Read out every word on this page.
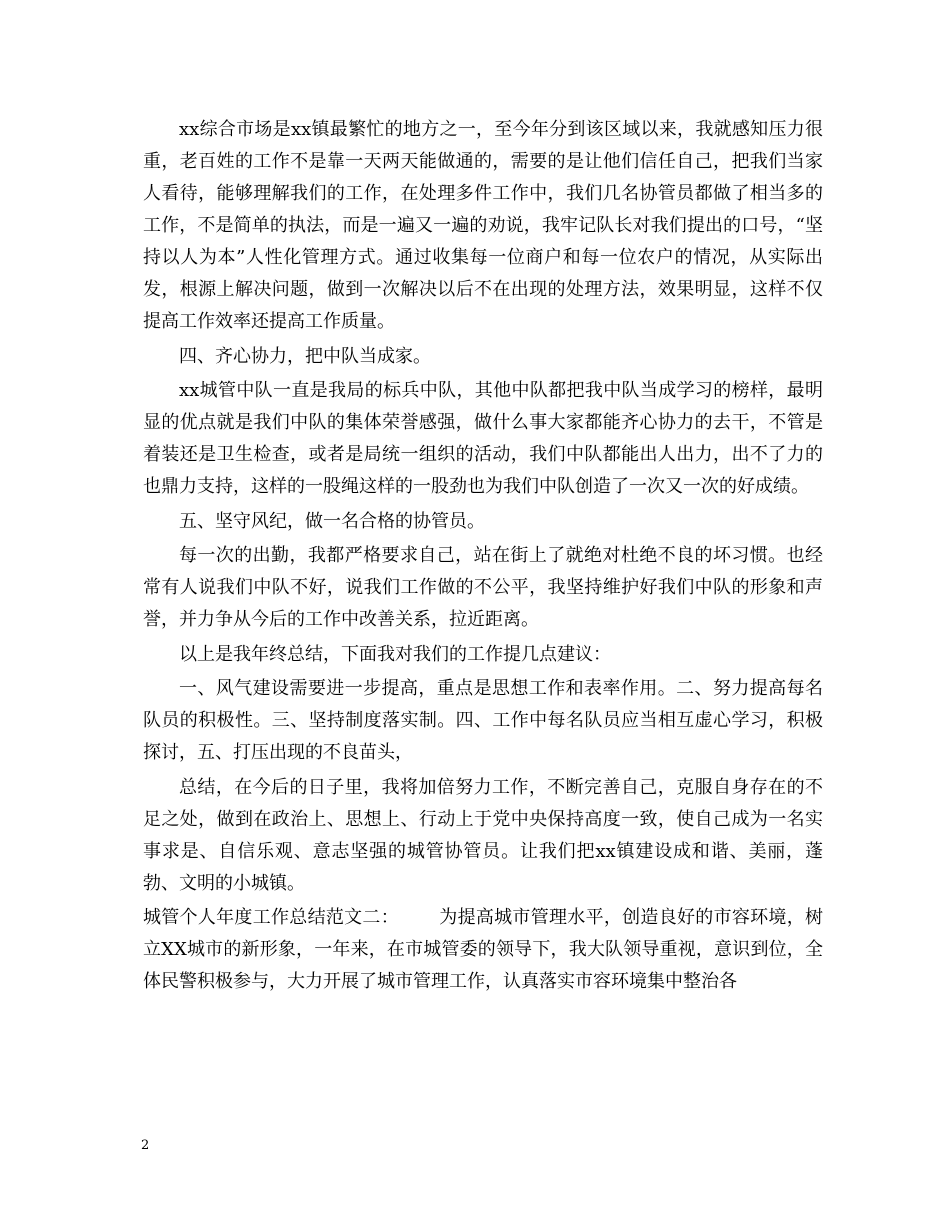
xx综合市场是xx镇最繁忙的地方之一，至今年分到该区域以来，我就感知压力很重，老百姓的工作不是靠一天两天能做通的，需要的是让他们信任自己，把我们当家人看待，能够理解我们的工作，在处理多件工作中，我们几名协管员都做了相当多的工作，不是简单的执法，而是一遍又一遍的劝说，我牢记队长对我们提出的口号，“坚持以人为本”人性化管理方式。通过收集每一位商户和每一位农户的情况，从实际出发，根源上解决问题，做到一次解决以后不在出现的处理方法，效果明显，这样不仅提高工作效率还提高工作质量。

四、齐心协力，把中队当成家。

xx城管中队一直是我局的标兵中队，其他中队都把我中队当成学习的榜样，最明显的优点就是我们中队的集体荣誉感强，做什么事大家都能齐心协力的去干，不管是着装还是卫生检查，或者是局统一组织的活动，我们中队都能出人出力，出不了力的也鼎力支持，这样的一股绳这样的一股劲也为我们中队创造了一次又一次的好成绩。

五、坚守风纪，做一名合格的协管员。

每一次的出勤，我都严格要求自己，站在街上了就绝对杜绝不良的坏习惯。也经常有人说我们中队不好，说我们工作做的不公平，我坚持维护好我们中队的形象和声誉，并力争从今后的工作中改善关系，拉近距离。

以上是我年终总结，下面我对我们的工作提几点建议：

一、风气建设需要进一步提高，重点是思想工作和表率作用。二、努力提高每名队员的积极性。三、坚持制度落实制。四、工作中每名队员应当相互虚心学习，积极探讨，五、打压出现的不良苗头，

总结，在今后的日子里，我将加倍努力工作，不断完善自己，克服自身存在的不足之处，做到在政治上、思想上、行动上于党中央保持高度一致，使自己成为一名实事求是、自信乐观、意志坚强的城管协管员。让我们把xx镇建设成和谐、美丽，蓬勃、文明的小城镇。

城管个人年度工作总结范文二： 为提高城市管理水平，创造良好的市容环境，树立XX城市的新形象，一年来，在市城管委的领导下，我大队领导重视，意识到位，全体民警积极参与，大力开展了城市管理工作，认真落实市容环境集中整治各

2
